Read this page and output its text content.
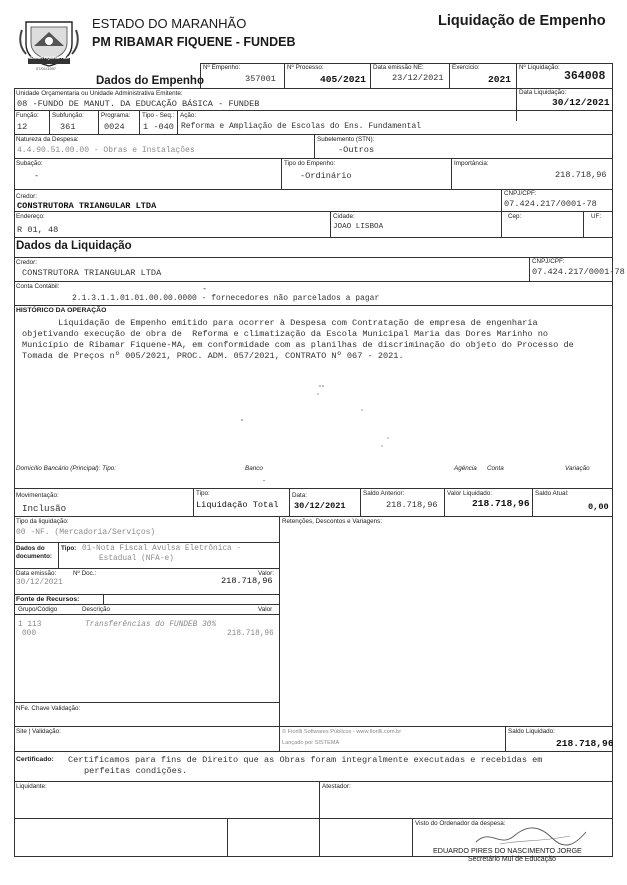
RIBAMAR FIQUENE - MA
07/01/1997
ESTADO DO MARANHÃO
PM RIBAMAR FIQUENE - FUNDEB
Liquidação de Empenho
Dados do Empenho
Nº Empenho:
357001
Nº Processo:
405/2021
Data emissão NE:
23/12/2021
Exercício:
2021
Nº Liquidação:
364008
Unidade Orçamentaria ou Unidade Administrativa Emitente:
08 -FUNDO DE MANUT. DA EDUCAÇÃO BÁSICA - FUNDEB
Data Liquidação:
30/12/2021
Função:
12
Subfunção:
361
Programa:
0024
Tipo - Seq.:
1 -040
Ação:
Reforma e Ampliação de Escolas do Ens. Fundamental
Natureza da Despesa:
4.4.90.51.00.00 - Obras e Instalações
Subelemento (STN):
-Outros
Subação:
-
Tipo do Empenho:
-Ordinário
Importância:
218.718,96
Credor:
CONSTRUTORA TRIANGULAR LTDA
CNPJ/CPF:
07.424.217/0001-78
Endereço:
R 01, 48
Cidade:
JOAO LISBOA
Cep:	UF:
Dados da Liquidação
Credor:
CONSTRUTORA TRIANGULAR LTDA
CNPJ/CPF:
07.424.217/0001-78
Conta Contábil:	-
2.1.3.1.1.01.01.00.00.0000 - fornecedores não parcelados a pagar
HISTÓRICO DA OPERAÇÃO
Liquidação de Empenho emitido para ocorrer à Despesa com Contratação de empresa de engenharia
objetivando execução de obra de  Reforma e climatização da Escola Municipal Maria das Dores Marinho no
Município de Ribamar Fiquene-MA, em conformidade com as planilhas de discriminação do objeto do Processo de
Tomada de Preços nº 005/2021, PROC. ADM. 057/2021, CONTRATO Nº 067 - 2021.
Domicílio Bancário (Principal): Tipo:	Banco
-
Agência Conta	Variação
Movimentação:
Inclusão
Tipo:
Liquidação Total
Data:
30/12/2021
Saldo Anterior:
218.718,96
Valor Liquidado:
218.718,96
Saldo Atual:
0,00
Tipo da liquidação:
00 -NF. (Mercadoria/Serviços)
Retenções, Descontos e Variagens:
Dados do documento:
Tipo: 01-Nota Fiscal Avulsa Eletrônica -
Estadual (NFA-e)
Data emissão:
30/12/2021
Nº Doc.:	Valor:
218.718,96
Fonte de Recursos:
Grupo/Código	Descrição	Valor
1 113
000
Transferências do FUNDEB 30%
218.718,96
NFe. Chave Validação:
Site | Validação:	© Fiorilli Softwares Públicos - www.fiorilli.com.br
Lançado por SISTEMA
Saldo Liquidado:
218.718,96
Certificado: Certificamos para fins de Direito que as Obras foram integralmente executadas e recebidas em
perfeitas condições.
Liquidante:	Atestador:
Visto do Ordenador da despesa:
EDUARDO PIRES DO NASCIMENTO JORGE
Secretário Mul de Educação
